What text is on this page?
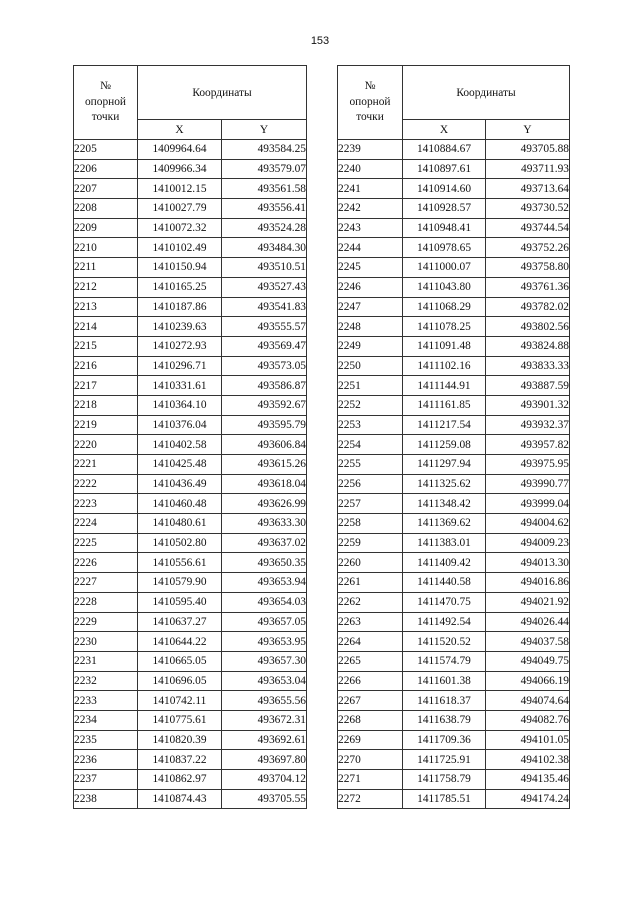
153
№
опорной
точки	Координаты	
	X	Y
2205	1409964.64	493584.25
2206	1409966.34	493579.07
2207	1410012.15	493561.58
2208	1410027.79	493556.41
2209	1410072.32	493524.28
2210	1410102.49	493484.30
2211	1410150.94	493510.51
2212	1410165.25	493527.43
2213	1410187.86	493541.83
2214	1410239.63	493555.57
2215	1410272.93	493569.47
2216	1410296.71	493573.05
2217	1410331.61	493586.87
2218	1410364.10	493592.67
2219	1410376.04	493595.79
2220	1410402.58	493606.84
2221	1410425.48	493615.26
2222	1410436.49	493618.04
2223	1410460.48	493626.99
2224	1410480.61	493633.30
2225	1410502.80	493637.02
2226	1410556.61	493650.35
2227	1410579.90	493653.94
2228	1410595.40	493654.03
2229	1410637.27	493657.05
2230	1410644.22	493653.95
2231	1410665.05	493657.30
2232	1410696.05	493653.04
2233	1410742.11	493655.56
2234	1410775.61	493672.31
2235	1410820.39	493692.61
2236	1410837.22	493697.80
2237	1410862.97	493704.12
2238	1410874.43	493705.55
№
опорной
точки	Координаты	
	X	Y
2239	1410884.67	493705.88
2240	1410897.61	493711.93
2241	1410914.60	493713.64
2242	1410928.57	493730.52
2243	1410948.41	493744.54
2244	1410978.65	493752.26
2245	1411000.07	493758.80
2246	1411043.80	493761.36
2247	1411068.29	493782.02
2248	1411078.25	493802.56
2249	1411091.48	493824.88
2250	1411102.16	493833.33
2251	1411144.91	493887.59
2252	1411161.85	493901.32
2253	1411217.54	493932.37
2254	1411259.08	493957.82
2255	1411297.94	493975.95
2256	1411325.62	493990.77
2257	1411348.42	493999.04
2258	1411369.62	494004.62
2259	1411383.01	494009.23
2260	1411409.42	494013.30
2261	1411440.58	494016.86
2262	1411470.75	494021.92
2263	1411492.54	494026.44
2264	1411520.52	494037.58
2265	1411574.79	494049.75
2266	1411601.38	494066.19
2267	1411618.37	494074.64
2268	1411638.79	494082.76
2269	1411709.36	494101.05
2270	1411725.91	494102.38
2271	1411758.79	494135.46
2272	1411785.51	494174.24
